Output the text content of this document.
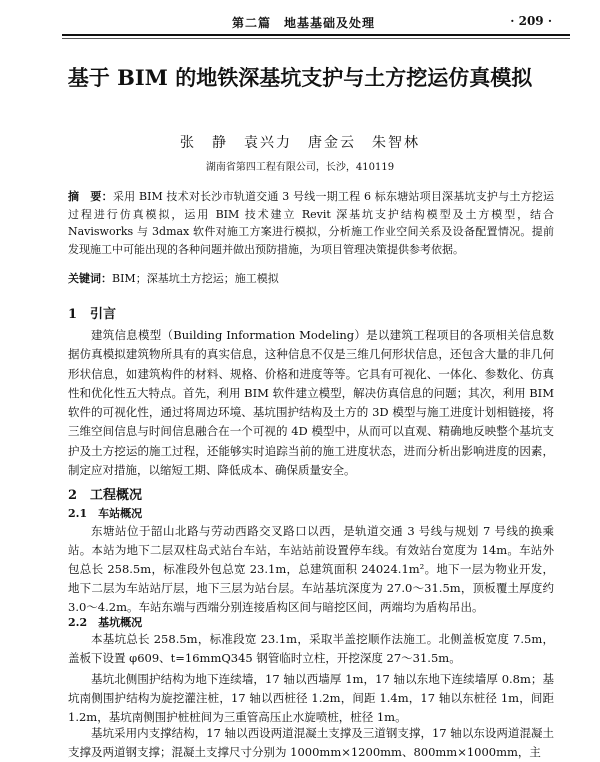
第二篇　地基基础及处理	· 209 ·
基于 BIM 的地铁深基坑支护与土方挖运仿真模拟
张　静　袁兴力　唐金云　朱智林
湖南省第四工程有限公司，长沙，410119
摘　要：采用 BIM 技术对长沙市轨道交通 3 号线一期工程 6 标东塘站项目深基坑支护与土方挖运过程进行仿真模拟，运用 BIM 技术建立 Revit 深基坑支护结构模型及土方模型，结合 Navisworks 与 3dmax 软件对施工方案进行模拟，分析施工作业空间关系及设备配置情况。提前发现施工中可能出现的各种问题并做出预防措施，为项目管理决策提供参考依据。
关键词：BIM；深基坑土方挖运；施工模拟
1　引言
建筑信息模型（Building Information Modeling）是以建筑工程项目的各项相关信息数据仿真模拟建筑物所具有的真实信息，这种信息不仅是三维几何形状信息，还包含大量的非几何形状信息，如建筑构件的材料、规格、价格和进度等等。它具有可视化、一体化、参数化、仿真性和优化性五大特点。首先，利用 BIM 软件建立模型，解决仿真信息的问题；其次，利用 BIM 软件的可视化性，通过将周边环境、基坑围护结构及土方的 3D 模型与施工进度计划相链接，将三维空间信息与时间信息融合在一个可视的 4D 模型中，从而可以直观、精确地反映整个基坑支护及土方挖运的施工过程，还能够实时追踪当前的施工进度状态，进而分析出影响进度的因素，制定应对措施，以缩短工期、降低成本、确保质量安全。
2　工程概况
2.1　车站概况
东塘站位于韶山北路与劳动西路交叉路口以西，是轨道交通 3 号线与规划 7 号线的换乘站。本站为地下二层双柱岛式站台车站，车站站前设置停车线。有效站台宽度为 14m。车站外包总长 258.5m，标准段外包总宽 23.1m，总建筑面积 24024.1m²。地下一层为物业开发，地下二层为车站站厅层，地下三层为站台层。车站基坑深度为 27.0～31.5m，顶板覆土厚度约 3.0～4.2m。车站东端与西端分别连接盾构区间与暗挖区间，两端均为盾构吊出。
2.2　基坑概况
本基坑总长 258.5m，标准段宽 23.1m，采取半盖挖顺作法施工。北侧盖板宽度 7.5m，盖板下设置 φ609、t=16mmQ345 钢管临时立柱，开挖深度 27～31.5m。
基坑北侧围护结构为地下连续墙，17 轴以西墙厚 1m，17 轴以东地下连续墙厚 0.8m；基坑南侧围护结构为旋挖灌注桩，17 轴以西桩径 1.2m，间距 1.4m，17 轴以东桩径 1m，间距 1.2m，基坑南侧围护桩桩间为三重管高压止水旋喷桩，桩径 1m。
基坑采用内支撑结构，17 轴以西设两道混凝土支撑及三道钢支撑，17 轴以东设两道混凝土支撑及两道钢支撑；混凝土支撑尺寸分别为 1000mm×1200mm、800mm×1000mm，主
